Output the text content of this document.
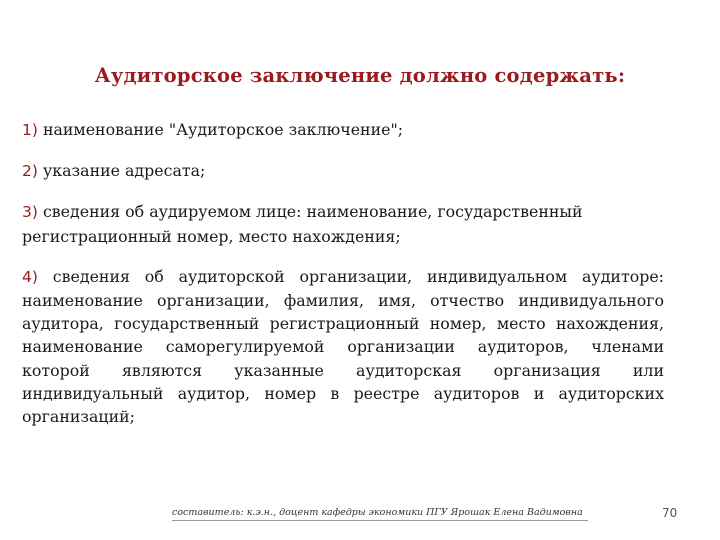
Аудиторское заключение должно содержать:
1) наименование "Аудиторское заключение";
2) указание адресата;
3) сведения об аудируемом лице: наименование, государственный регистрационный номер, место нахождения;
4) сведения об аудиторской организации, индивидуальном аудиторе: наименование организации, фамилия, имя, отчество индивидуального аудитора, государственный регистрационный номер, место нахождения, наименование саморегулируемой организации аудиторов, членами которой являются указанные аудиторская организация или индивидуальный аудитор, номер в реестре аудиторов и аудиторских организаций;
составитель: к.э.н., доцент кафедры экономики ПГУ Ярошак Елена Вадимовна	70
